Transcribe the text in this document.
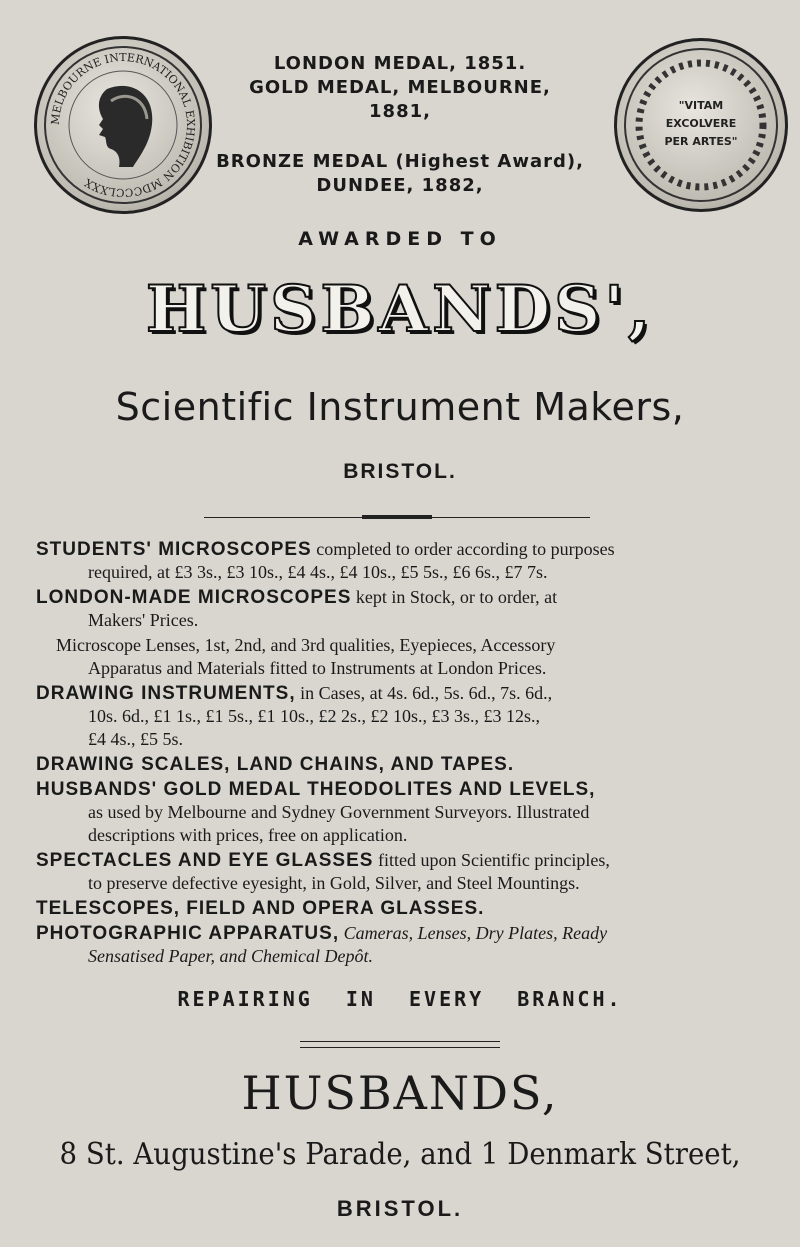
MELBOURNE INTERNATIONAL EXHIBITION MDCCCLXXX
"VITAM
EXCOLVERE
PER ARTES"
LONDON MEDAL, 1851.
GOLD MEDAL, MELBOURNE,
1881,
BRONZE MEDAL (Highest Award),
DUNDEE, 1882,
AWARDED TO
HUSBANDS',
Scientific Instrument Makers,
BRISTOL.
STUDENTS' MICROSCOPES completed to order according to purposes
required, at £3 3s., £3 10s., £4 4s., £4 10s., £5 5s., £6 6s., £7 7s.
LONDON-MADE MICROSCOPES kept in Stock, or to order, at
Makers' Prices.
Microscope Lenses, 1st, 2nd, and 3rd qualities, Eyepieces, Accessory
Apparatus and Materials fitted to Instruments at London Prices.
DRAWING INSTRUMENTS, in Cases, at 4s. 6d., 5s. 6d., 7s. 6d.,
10s. 6d., £1 1s., £1 5s., £1 10s., £2 2s., £2 10s., £3 3s., £3 12s.,
£4 4s., £5 5s.
DRAWING SCALES, LAND CHAINS, AND TAPES.
HUSBANDS' GOLD MEDAL THEODOLITES AND LEVELS,
as used by Melbourne and Sydney Government Surveyors. Illustrated
descriptions with prices, free on application.
SPECTACLES AND EYE GLASSES fitted upon Scientific principles,
to preserve defective eyesight, in Gold, Silver, and Steel Mountings.
TELESCOPES, FIELD AND OPERA GLASSES.
PHOTOGRAPHIC APPARATUS, Cameras, Lenses, Dry Plates, Ready
Sensatised Paper, and Chemical Depôt.
REPAIRING IN EVERY BRANCH.
HUSBANDS,
8 St. Augustine's Parade, and 1 Denmark Street,
BRISTOL.
